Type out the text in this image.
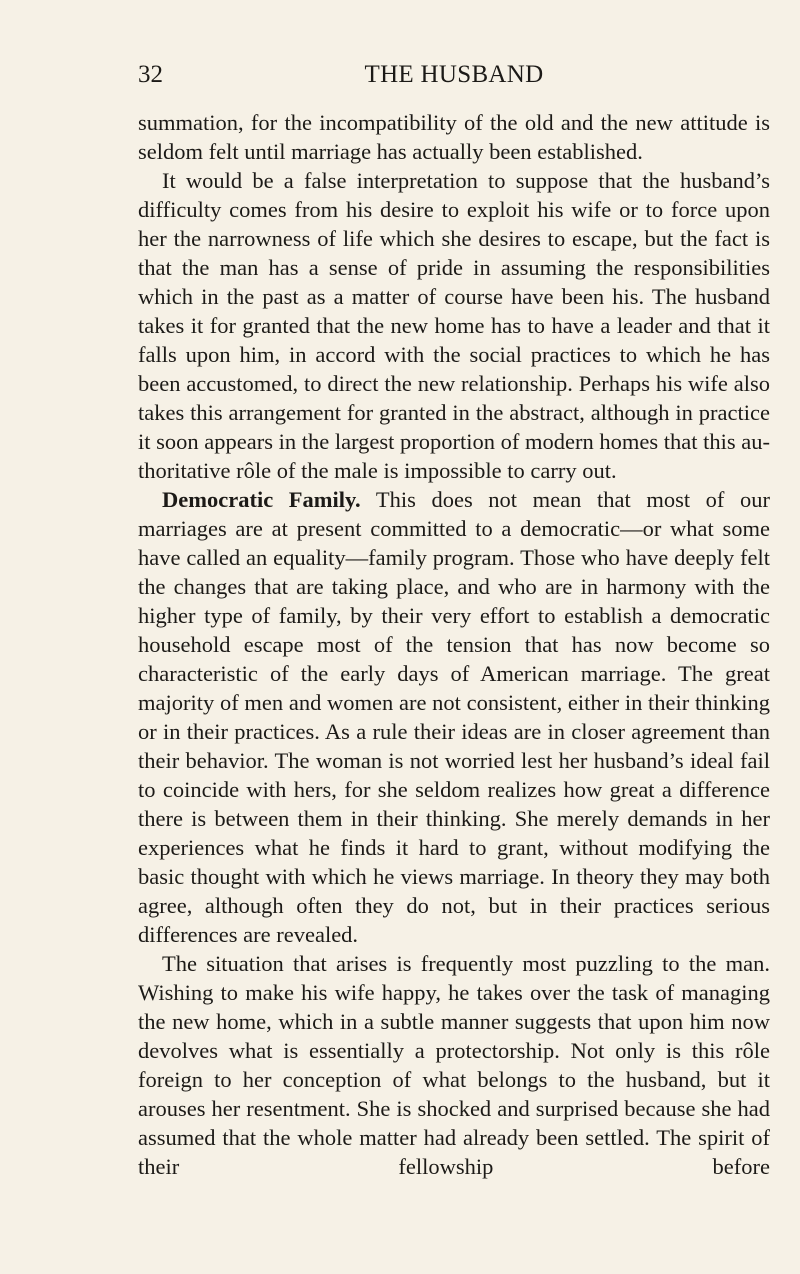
32	THE HUSBAND

summation, for the incompatibility of the old and the new attitude is seldom felt until marriage has actually been established.

It would be a false interpretation to suppose that the husband’s difficulty comes from his desire to exploit his wife or to force upon her the narrowness of life which she desires to escape, but the fact is that the man has a sense of pride in assuming the responsibilities which in the past as a matter of course have been his. The husband takes it for granted that the new home has to have a leader and that it falls upon him, in accord with the social practices to which he has been accustomed, to direct the new relationship. Perhaps his wife also takes this arrangement for granted in the abstract, although in practice it soon appears in the largest proportion of modern homes that this authoritative rôle of the male is impossible to carry out.

Democratic Family. This does not mean that most of our marriages are at present committed to a democratic—or what some have called an equality—family program. Those who have deeply felt the changes that are taking place, and who are in harmony with the higher type of family, by their very effort to establish a democratic household escape most of the tension that has now become so characteristic of the early days of American marriage. The great majority of men and women are not consistent, either in their thinking or in their practices. As a rule their ideas are in closer agreement than their behavior. The woman is not worried lest her husband’s ideal fail to coincide with hers, for she seldom realizes how great a difference there is between them in their thinking. She merely demands in her experiences what he finds it hard to grant, without modifying the basic thought with which he views marriage. In theory they may both agree, although often they do not, but in their practices serious differences are revealed.

The situation that arises is frequently most puzzling to the man. Wishing to make his wife happy, he takes over the task of managing the new home, which in a subtle manner suggests that upon him now devolves what is essentially a protectorship. Not only is this rôle foreign to her conception of what belongs to the husband, but it arouses her resentment. She is shocked and surprised because she had assumed that the whole matter had already been settled. The spirit of their fellowship before
